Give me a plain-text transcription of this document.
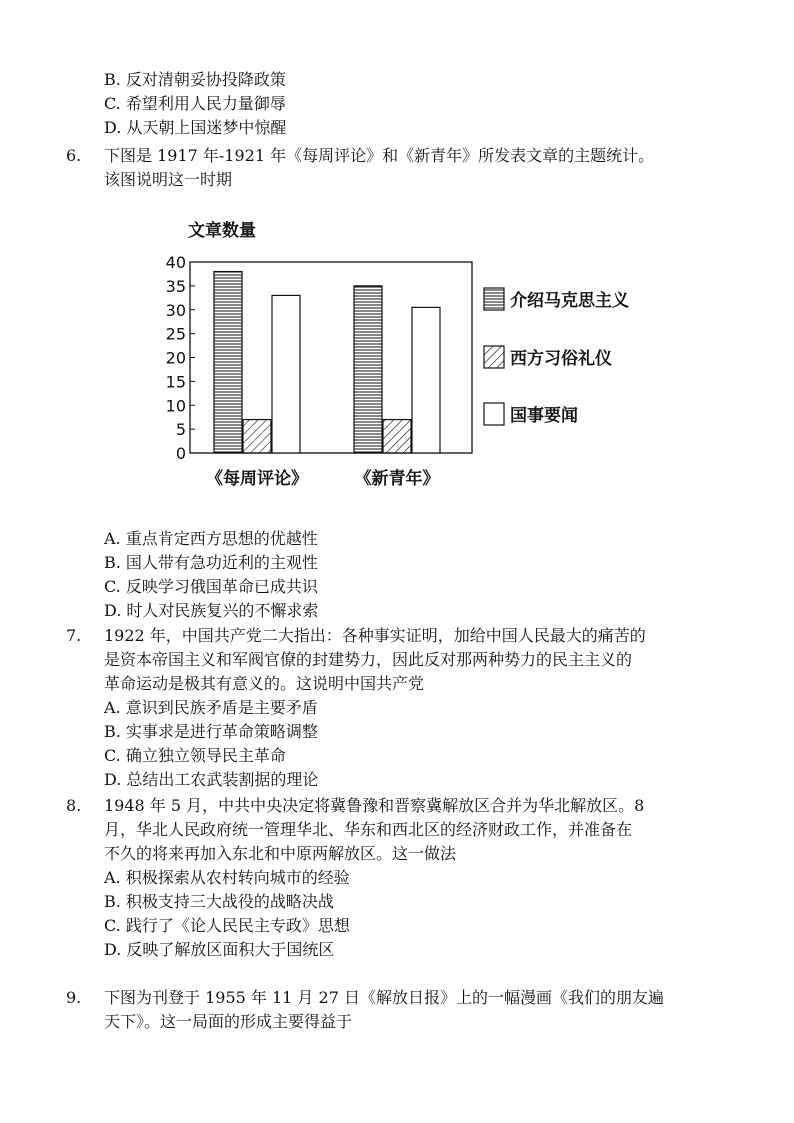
B. 反对清朝妥协投降政策
C. 希望利用人民力量御辱
D. 从天朝上国迷梦中惊醒
6. 下图是 1917 年-1921 年《每周评论》和《新青年》所发表文章的主题统计。
该图说明这一时期
文章数量
0
5
10
15
20
25
30
35
40
《每周评论》	《新青年》
介绍马克思主义
西方习俗礼仪
国事要闻
A. 重点肯定西方思想的优越性
B. 国人带有急功近利的主观性
C. 反映学习俄国革命已成共识
D. 时人对民族复兴的不懈求索
7. 1922 年，中国共产党二大指出：各种事实证明，加给中国人民最大的痛苦的
是资本帝国主义和军阀官僚的封建势力，因此反对那两种势力的民主主义的
革命运动是极其有意义的。这说明中国共产党
A. 意识到民族矛盾是主要矛盾
B. 实事求是进行革命策略调整
C. 确立独立领导民主革命
D. 总结出工农武装割据的理论
8. 1948 年 5 月，中共中央决定将冀鲁豫和晋察冀解放区合并为华北解放区。8
月，华北人民政府统一管理华北、华东和西北区的经济财政工作，并准备在
不久的将来再加入东北和中原两解放区。这一做法
A. 积极探索从农村转向城市的经验
B. 积极支持三大战役的战略决战
C. 践行了《论人民民主专政》思想
D. 反映了解放区面积大于国统区
9. 下图为刊登于 1955 年 11 月 27 日《解放日报》上的一幅漫画《我们的朋友遍
天下》。这一局面的形成主要得益于
